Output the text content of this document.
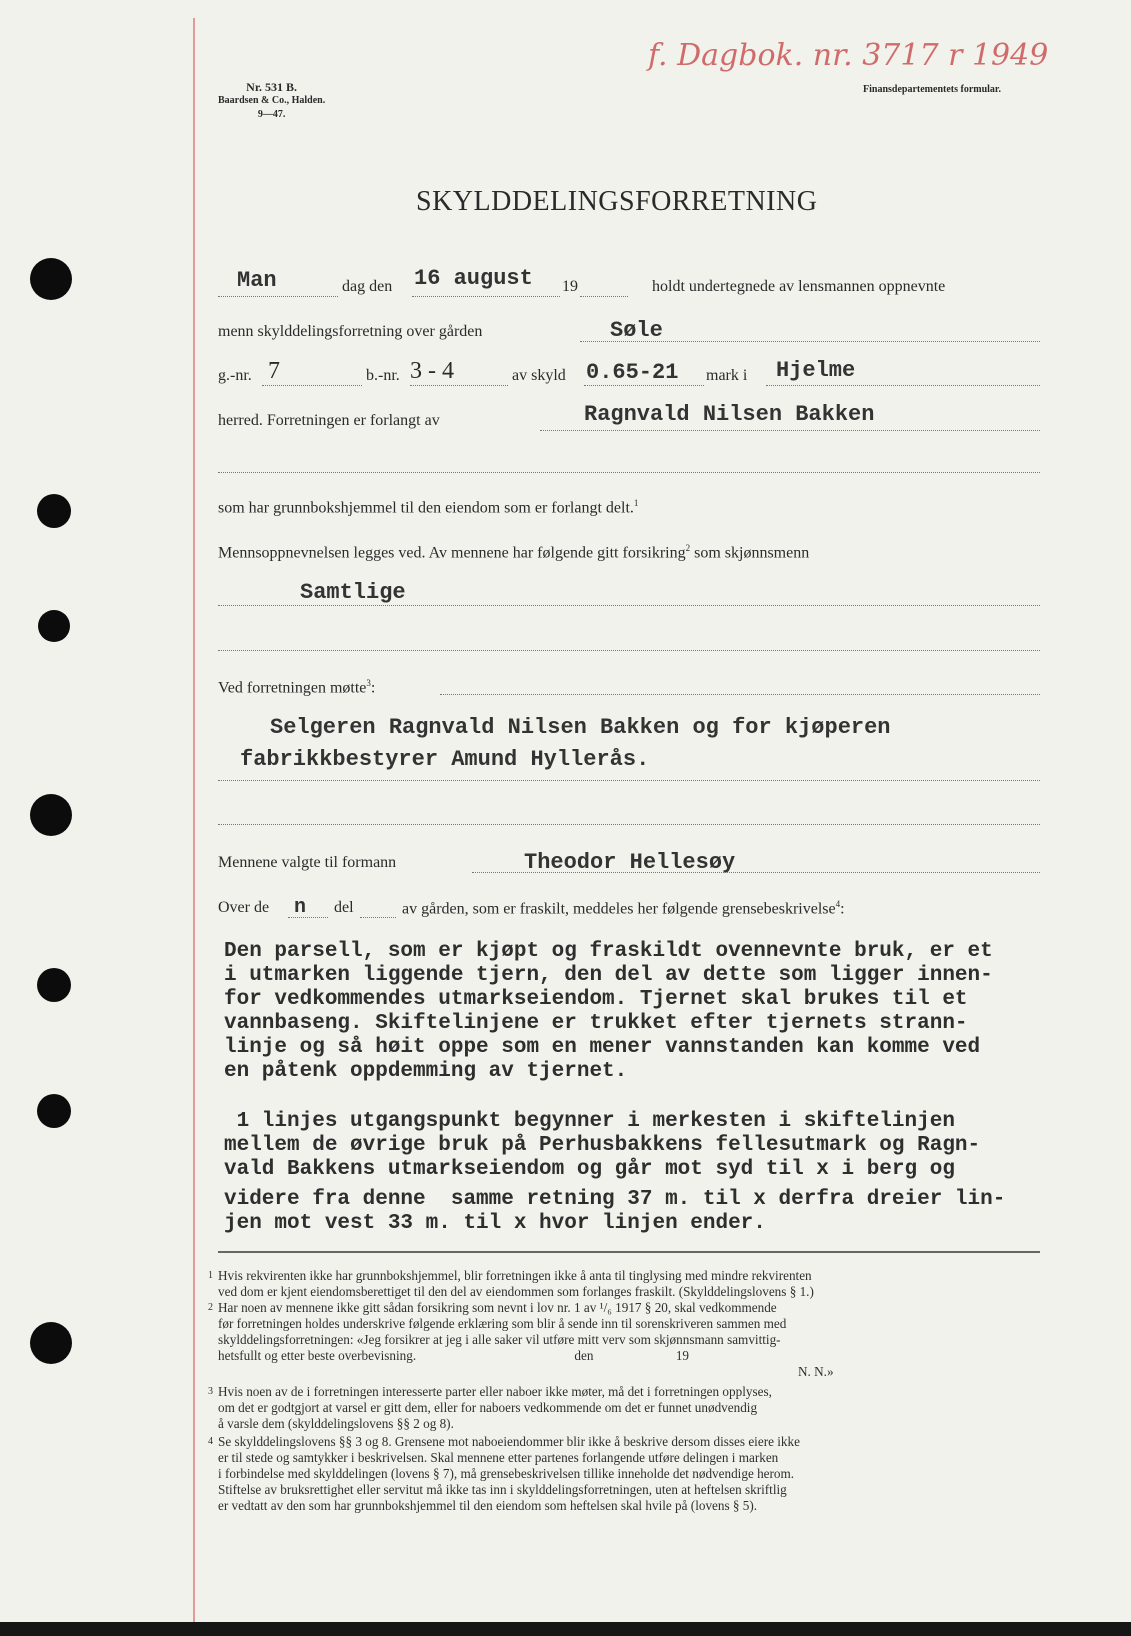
Nr. 531 B.
Baardsen & Co., Halden.
9—47.
f. Dagbok. nr. 3717 r 1949
Finansdepartementets formular.
SKYLDDELINGSFORRETNING
Man	dag den 16 august 19	holdt undertegnede av lensmannen oppnevnte
menn skylddelingsforretning over gården	Søle
g.-nr. 7	b.-nr. 3 - 4	av skyld 0.65-21 mark i Hjelme
herred. Forretningen er forlangt av	Ragnvald Nilsen Bakken
som har grunnbokshjemmel til den eiendom som er forlangt delt.$^1$
Mennsoppnevnelsen legges ved. Av mennene har følgende gitt forsikring$^2$ som skjønnsmenn
Samtlige
Ved forretningen møtte$^3$:
Selgeren Ragnvald Nilsen Bakken og for kjøperen
fabrikkbestyrer Amund Hyllerås.
Mennene valgte til formann	Theodor Hellesøy
Over de n del	av gården, som er fraskilt, meddeles her følgende grensebeskrivelse$^4$:
Den parsell, som er kjøpt og fraskildt ovennevnte bruk, er et
i utmarken liggende tjern, den del av dette som ligger innen-
for vedkommendes utmarkseiendom. Tjernet skal brukes til et
vannbaseng. Skiftelinjene er trukket efter tjernets strann-
linje og så høit oppe som en mener vannstanden kan komme ved
en påtenk oppdemming av tjernet.
1 linjes utgangspunkt begynner i merkesten i skiftelinjen
mellem de øvrige bruk på Perhusbakkens fellesutmark og Ragn-
vald Bakkens utmarkseiendom og går mot syd til x i berg og
videre fra denne  samme retning 37 m. til x derfra dreier lin-
jen mot vest 33 m. til x hvor linjen ender.
1 Hvis rekvirenten ikke har grunnbokshjemmel, blir forretningen ikke å anta til tinglysing med mindre rekvirenten

ved dom er kjent eiendomsberettiget til den del av eiendommen som forlanges fraskilt. (Skylddelingslovens § 1.)

2 Har noen av mennene ikke gitt sådan forsikring som nevnt i lov nr. 1 av ¹/₆ 1917 § 20, skal vedkommende

før forretningen holdes underskrive følgende erklæring som blir å sende inn til sorenskriveren sammen med

skylddelingsforretningen: «Jeg forsikrer at jeg i alle saker vil utføre mitt verv som skjønnsmann samvittig-

hetsfullt og etter beste overbevisning.                                                den                         19

N. N.»

3 Hvis noen av de i forretningen interesserte parter eller naboer ikke møter, må det i forretningen opplyses,

om det er godtgjort at varsel er gitt dem, eller for naboers vedkommende om det er funnet unødvendig

å varsle dem (skylddelingslovens §§ 2 og 8).

4 Se skylddelingslovens §§ 3 og 8. Grensene mot naboeiendommer blir ikke å beskrive dersom disses eiere ikke

er til stede og samtykker i beskrivelsen. Skal mennene etter partenes forlangende utføre delingen i marken

i forbindelse med skylddelingen (lovens § 7), må grensebeskrivelsen tillike inneholde det nødvendige herom.

Stiftelse av bruksrettighet eller servitut må ikke tas inn i skylddelingsforretningen, uten at heftelsen skriftlig

er vedtatt av den som har grunnbokshjemmel til den eiendom som heftelsen skal hvile på (lovens § 5).
